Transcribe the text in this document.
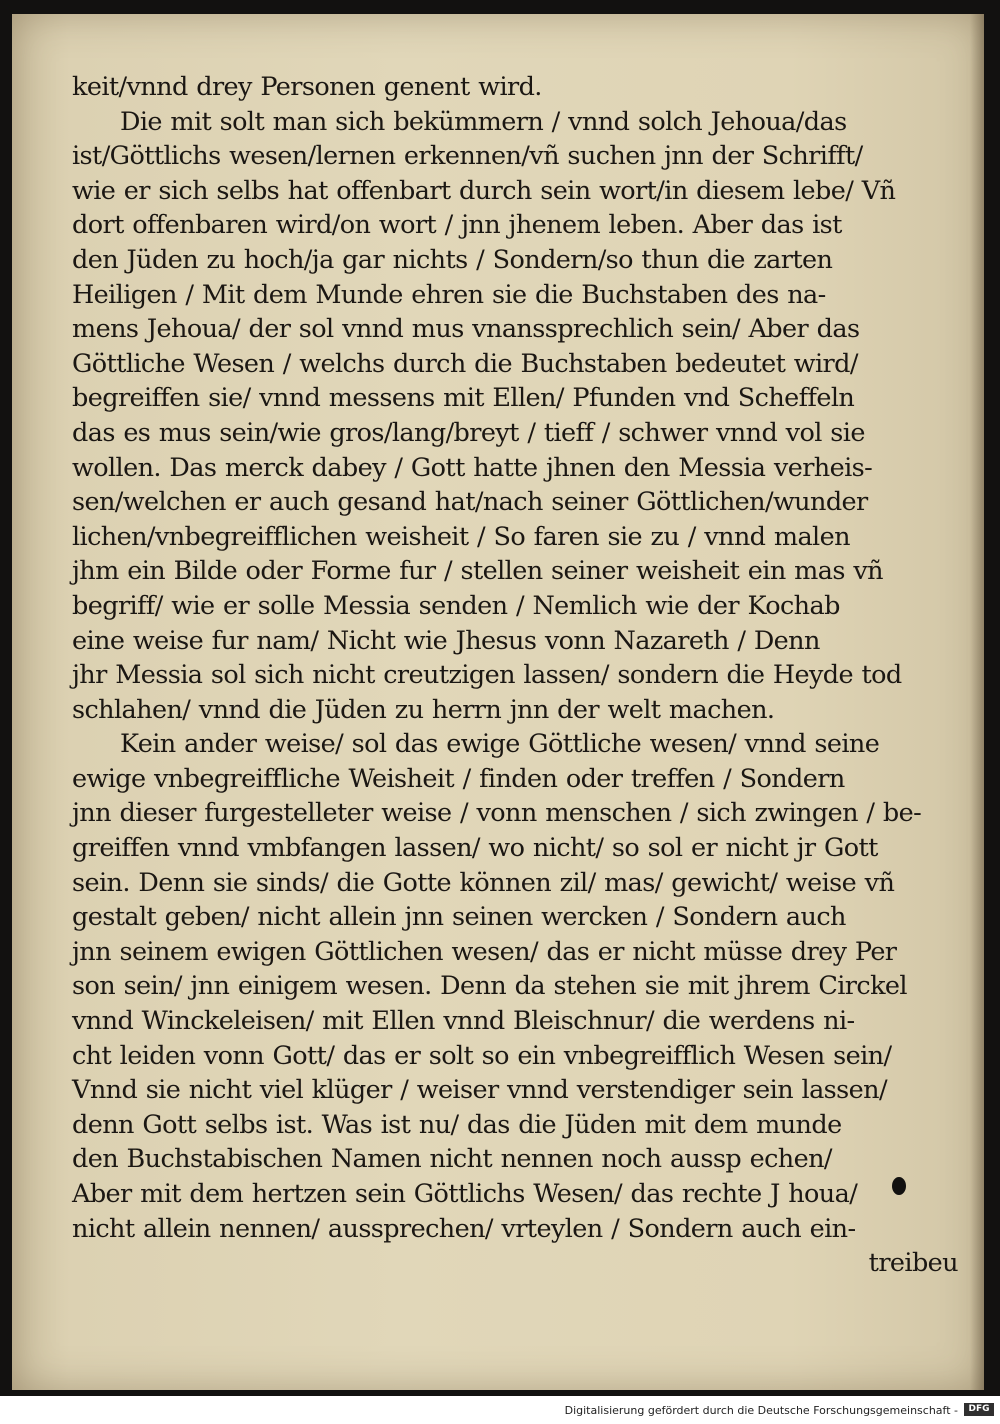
keit/vnnd drey Personen genent wird.
Die mit solt man sich bekümmern / vnnd solch Jehoua/das
ist/Göttlichs wesen/lernen erkennen/vñ suchen jnn der Schrifft/
wie er sich selbs hat offenbart durch sein wort/in diesem lebe/ Vñ
dort offenbaren wird/on wort / jnn jhenem leben. Aber das ist
den Jüden zu hoch/ja gar nichts / Sondern/so thun die zarten
Heiligen / Mit dem Munde ehren sie die Buchstaben des na-
mens Jehoua/ der sol vnnd mus vnanssprechlich sein/ Aber das
Göttliche Wesen / welchs durch die Buchstaben bedeutet wird/
begreiffen sie/ vnnd messens mit Ellen/ Pfunden vnd Scheffeln
das es mus sein/wie gros/lang/breyt / tieff / schwer vnnd vol sie
wollen. Das merck dabey / Gott hatte jhnen den Messia verheis-
sen/welchen er auch gesand hat/nach seiner Göttlichen/wunder
lichen/vnbegreifflichen weisheit / So faren sie zu / vnnd malen
jhm ein Bilde oder Forme fur / stellen seiner weisheit ein mas vñ
begriff/ wie er solle Messia senden / Nemlich wie der Kochab
eine weise fur nam/ Nicht wie Jhesus vonn Nazareth / Denn
jhr Messia sol sich nicht creutzigen lassen/ sondern die Heyde tod
schlahen/ vnnd die Jüden zu herrn jnn der welt machen.
Kein ander weise/ sol das ewige Göttliche wesen/ vnnd seine
ewige vnbegreiffliche Weisheit / finden oder treffen / Sondern
jnn dieser furgestelleter weise / vonn menschen / sich zwingen / be-
greiffen vnnd vmbfangen lassen/ wo nicht/ so sol er nicht jr Gott
sein. Denn sie sinds/ die Gotte können zil/ mas/ gewicht/ weise vñ
gestalt geben/ nicht allein jnn seinen wercken / Sondern auch
jnn seinem ewigen Göttlichen wesen/ das er nicht müsse drey Per
son sein/ jnn einigem wesen. Denn da stehen sie mit jhrem Circkel
vnnd Winckeleisen/ mit Ellen vnnd Bleischnur/ die werdens ni-
cht leiden vonn Gott/ das er solt so ein vnbegreifflich Wesen sein/
Vnnd sie nicht viel klüger / weiser vnnd verstendiger sein lassen/
denn Gott selbs ist. Was ist nu/ das die Jüden mit dem munde
den Buchstabischen Namen nicht nennen noch aussp echen/
Aber mit dem hertzen sein Göttlichs Wesen/ das rechte J houa/
nicht allein nennen/ aussprechen/ vrteylen / Sondern auch ein-
treibeu
Digitalisierung gefördert durch die Deutsche Forschungsgemeinschaft -	DFG
